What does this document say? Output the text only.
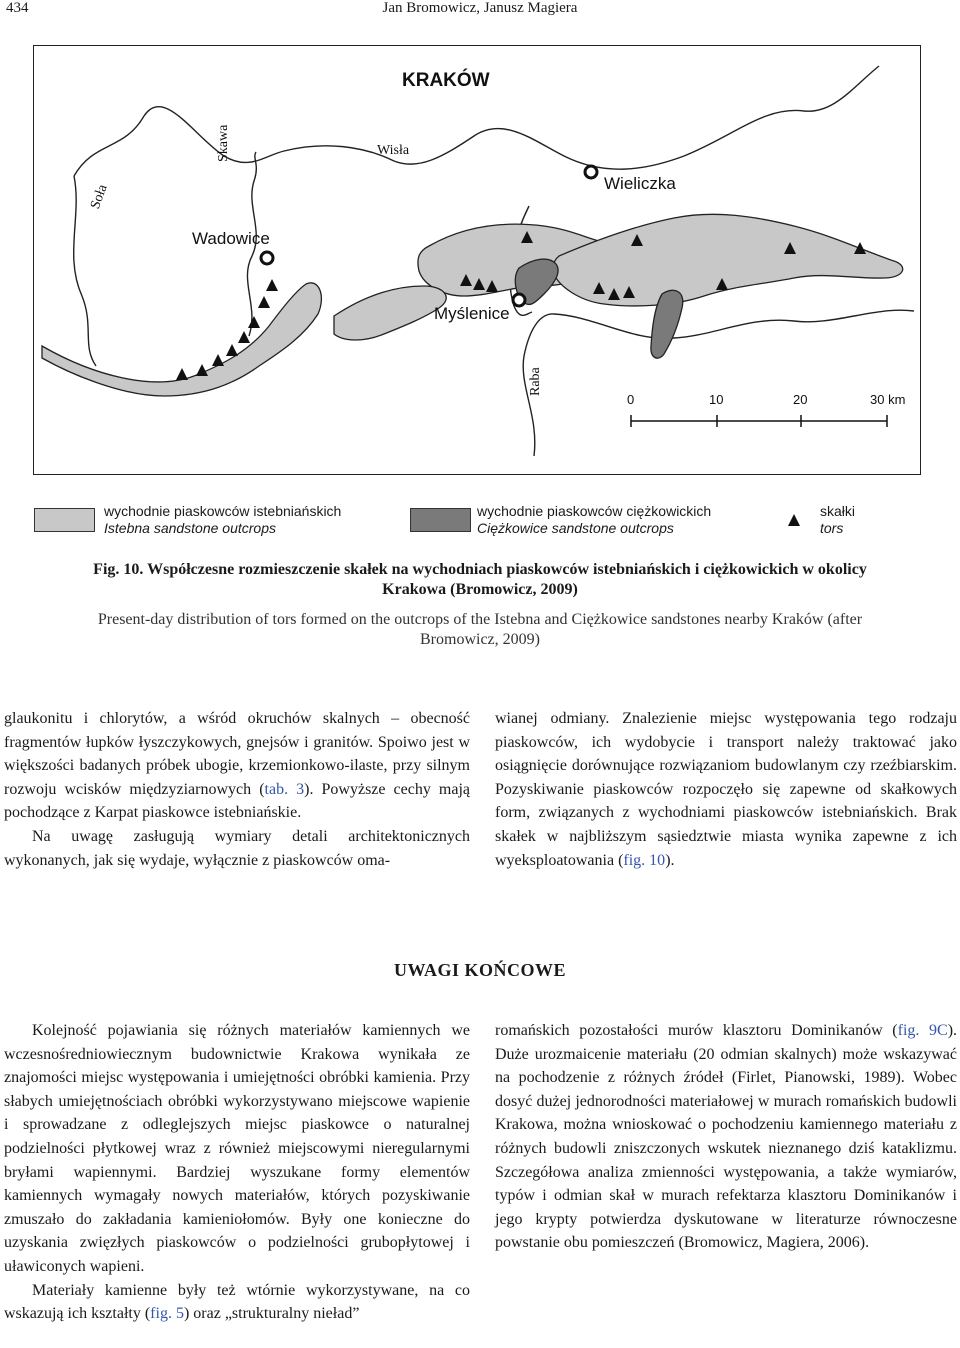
434	Jan Bromowicz, Janusz Magiera
KRAKÓW
Wisła
Skawa
Soła	Wieliczka
Wadowice
Myślenice
Raba
0	10	20	30 km
wychodnie piaskowców istebniańskich
Istebna sandstone outcrops
wychodnie piaskowców ciężkowickich
Ciężkowice sandstone outcrops
skałki
tors
Fig. 10. Współczesne rozmieszczenie skałek na wychodniach piaskowców istebniańskich i ciężkowickich w okolicy Krakowa (Bromowicz, 2009)
Present-day distribution of tors formed on the outcrops of the Istebna and Ciężkowice sandstones nearby Kraków (after Bromowicz, 2009)

glaukonitu i chlorytów, a wśród okruchów skalnych – obecność fragmentów łupków łyszczykowych, gnejsów i granitów. Spoiwo jest w większości badanych próbek ubogie, krzemionkowo-ilaste, przy silnym rozwoju wcisków międzyziarnowych (tab. 3). Powyższe cechy mają pochodzące z Karpat piaskowce istebniańskie.

Na uwagę zasługują wymiary detali architektonicznych wykonanych, jak się wydaje, wyłącznie z piaskowców oma-

wianej odmiany. Znalezienie miejsc występowania tego rodzaju piaskowców, ich wydobycie i transport należy traktować jako osiągnięcie dorównujące rozwiązaniom budowlanym czy rzeźbiarskim. Pozyskiwanie piaskowców rozpoczęło się zapewne od skałkowych form, związanych z wychodniami piaskowców istebniańskich. Brak skałek w najbliższym sąsiedztwie miasta wynika zapewne z ich wyeksploatowania (fig. 10).

UWAGI KOŃCOWE

Kolejność pojawiania się różnych materiałów kamiennych we wczesnośredniowiecznym budownictwie Krakowa wynikała ze znajomości miejsc występowania i umiejętności obróbki kamienia. Przy słabych umiejętnościach obróbki wykorzystywano miejscowe wapienie i sprowadzane z odleglejszych miejsc piaskowce o naturalnej podzielności płytkowej wraz z również miejscowymi nieregularnymi bryłami wapiennymi. Bardziej wyszukane formy elementów kamiennych wymagały nowych materiałów, których pozyskiwanie zmuszało do zakładania kamieniołomów. Były one konieczne do uzyskania zwięzłych piaskowców o podzielności grubopłytowej i uławiconych wapieni.

Materiały kamienne były też wtórnie wykorzystywane, na co wskazują ich kształty (fig. 5) oraz „strukturalny nieład”

romańskich pozostałości murów klasztoru Dominikanów (fig. 9C). Duże urozmaicenie materiału (20 odmian skalnych) może wskazywać na pochodzenie z różnych źródeł (Firlet, Pianowski, 1989). Wobec dosyć dużej jednorodności materiałowej w murach romańskich budowli Krakowa, można wnioskować o pochodzeniu kamiennego materiału z różnych budowli zniszczonych wskutek nieznanego dziś kataklizmu. Szczegółowa analiza zmienności występowania, a także wymiarów, typów i odmian skał w murach refektarza klasztoru Dominikanów i jego krypty potwierdza dyskutowane w literaturze równoczesne powstanie obu pomieszczeń (Bromowicz, Magiera, 2006).
